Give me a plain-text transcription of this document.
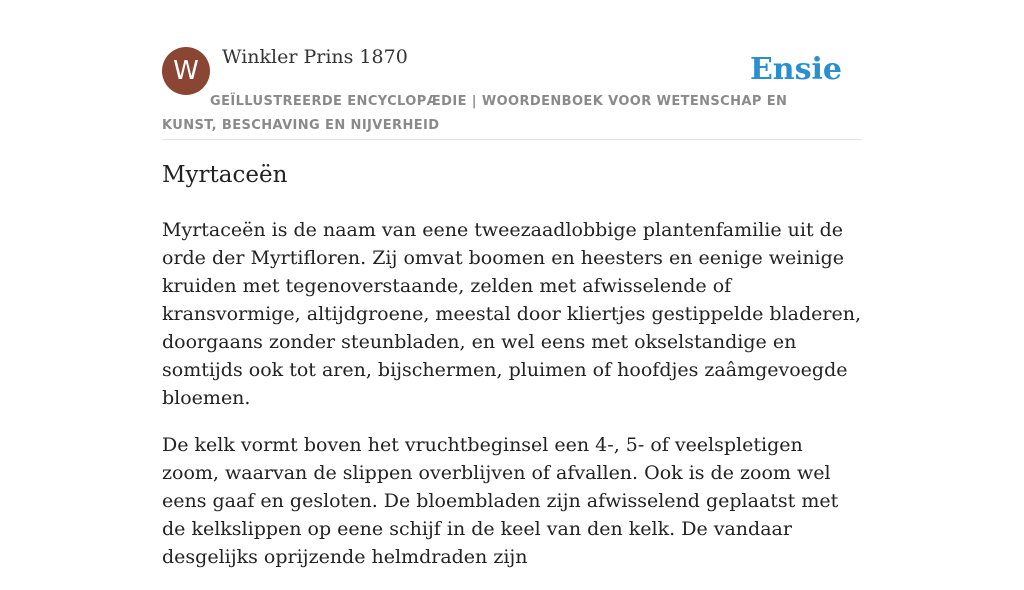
W	Winkler Prins 1870	Ensie
GEÏLLUSTREERDE ENCYCLOPÆDIE | WOORDENBOEK VOOR WETENSCHAP EN KUNST, BESCHAVING EN NIJVERHEID
Myrtaceën

Myrtaceën is de naam van eene tweezaadlobbige plantenfamilie uit de orde der Myrtifloren. Zij omvat boomen en heesters en eenige weinige kruiden met tegenoverstaande, zelden met afwisselende of kransvormige, altijdgroene, meestal door kliertjes gestippelde bladeren, doorgaans zonder steunbladen, en wel eens met okselstandige en somtijds ook tot aren, bijschermen, pluimen of hoofdjes zaâmgevoegde bloemen.

De kelk vormt boven het vruchtbeginsel een 4-, 5- of veelspletigen zoom, waarvan de slippen overblijven of afvallen. Ook is de zoom wel eens gaaf en gesloten. De bloembladen zijn afwisselend geplaatst met de kelkslippen op eene schijf in de keel van den kelk. De vandaar desgelijks oprijzende helmdraden zijn
